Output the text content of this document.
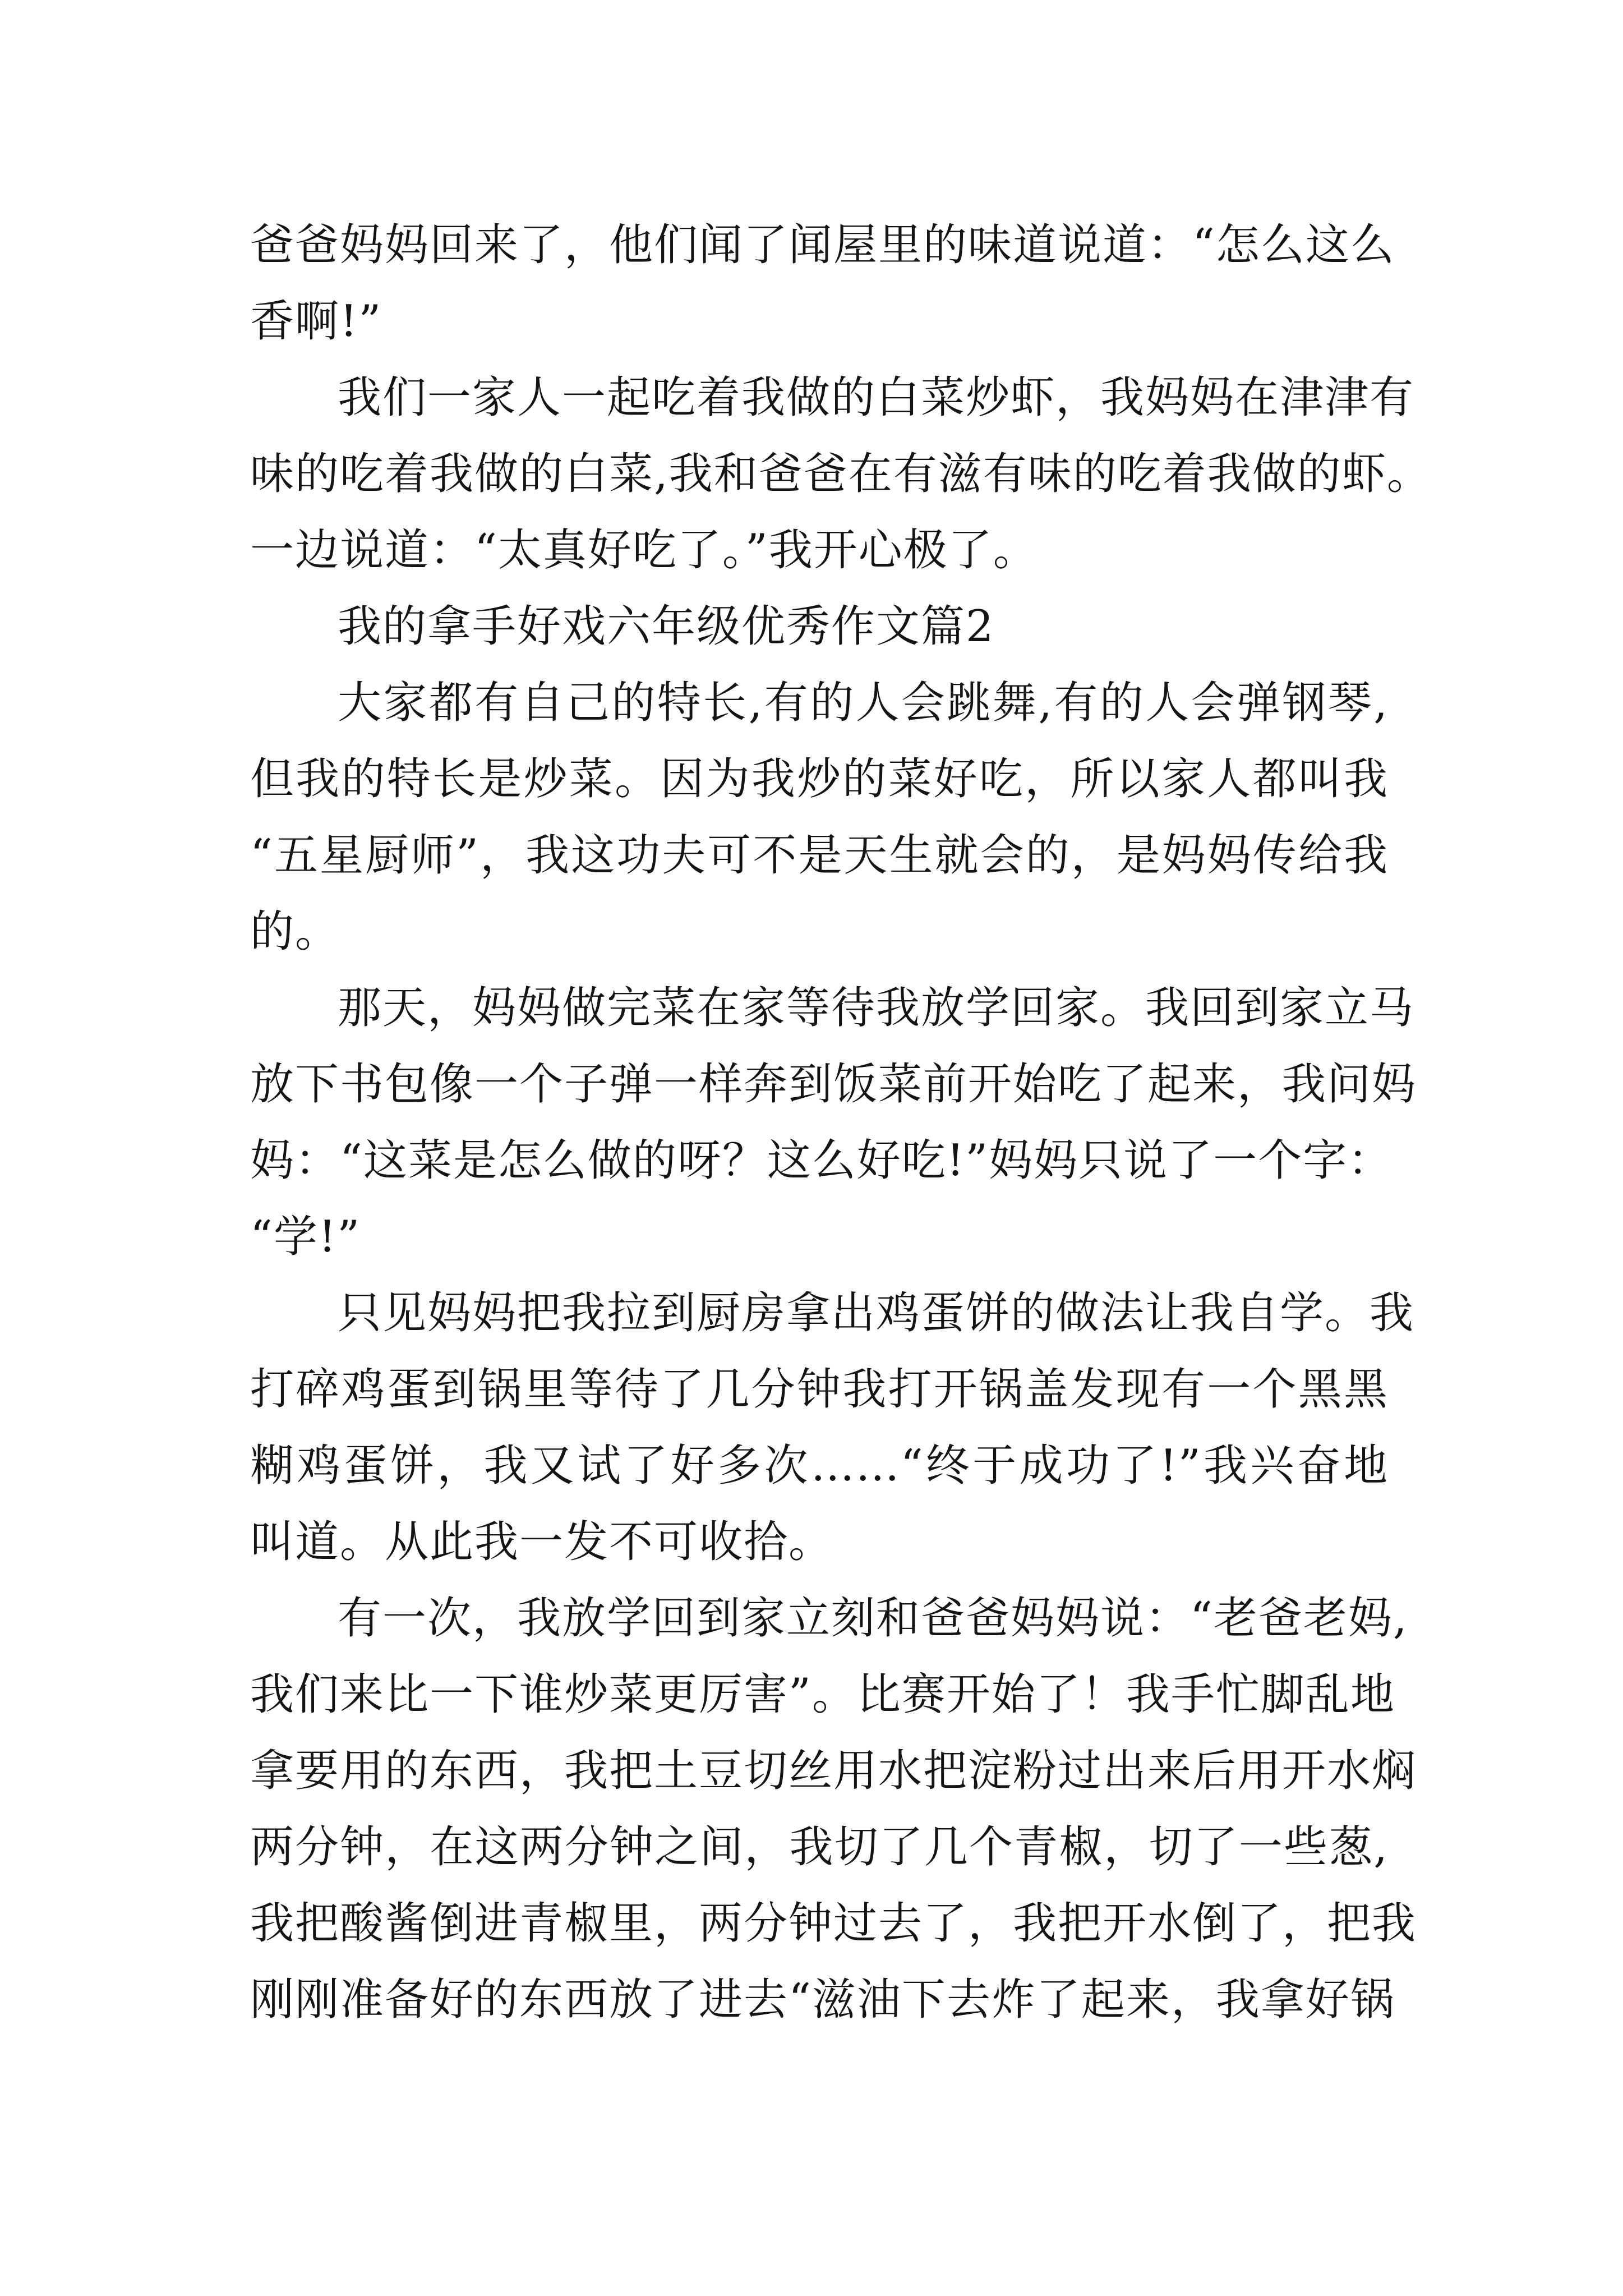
爸爸妈妈回来了，他们闻了闻屋里的味道说道：“怎么这么
香啊!”
我们一家人一起吃着我做的白菜炒虾，我妈妈在津津有
味的吃着我做的白菜,我和爸爸在有滋有味的吃着我做的虾。
一边说道：“太真好吃了。”我开心极了。
我的拿手好戏六年级优秀作文篇2
大家都有自己的特长,有的人会跳舞,有的人会弹钢琴,
但我的特长是炒菜。因为我炒的菜好吃，所以家人都叫我
“五星厨师”，我这功夫可不是天生就会的，是妈妈传给我
的。
那天，妈妈做完菜在家等待我放学回家。我回到家立马
放下书包像一个子弹一样奔到饭菜前开始吃了起来，我问妈
妈：“这菜是怎么做的呀？这么好吃!”妈妈只说了一个字：
“学!”
只见妈妈把我拉到厨房拿出鸡蛋饼的做法让我自学。我
打碎鸡蛋到锅里等待了几分钟我打开锅盖发现有一个黑黑
糊鸡蛋饼，我又试了好多次……“终于成功了!”我兴奋地
叫道。从此我一发不可收拾。
有一次，我放学回到家立刻和爸爸妈妈说：“老爸老妈,
我们来比一下谁炒菜更厉害”。比赛开始了！我手忙脚乱地
拿要用的东西，我把土豆切丝用水把淀粉过出来后用开水焖
两分钟，在这两分钟之间，我切了几个青椒，切了一些葱,
我把酸酱倒进青椒里，两分钟过去了，我把开水倒了，把我
刚刚准备好的东西放了进去“滋油下去炸了起来，我拿好锅
